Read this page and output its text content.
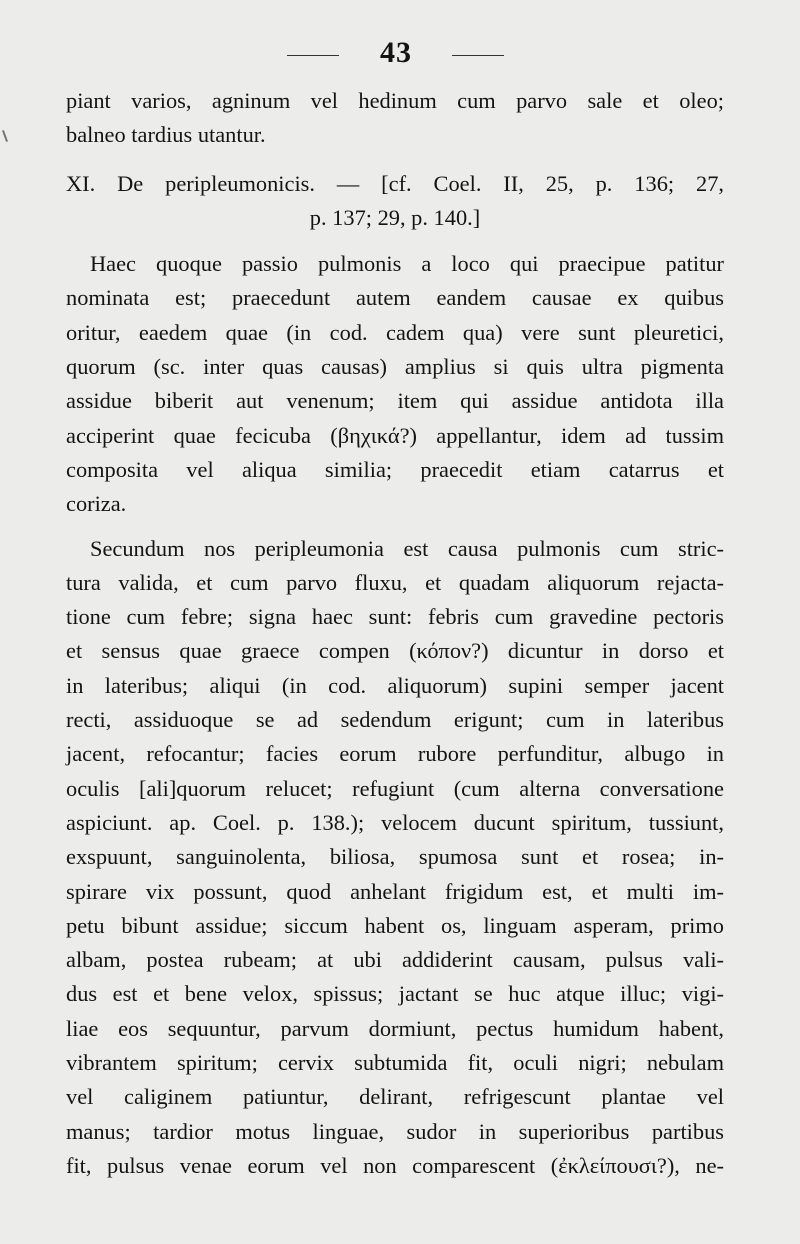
43
piant varios, agninum vel hedinum cum parvo sale et oleo;
balneo tardius utantur.
XI. De peripleumonicis. — [cf. Coel. II, 25, p. 136; 27,
p. 137; 29, p. 140.]
Haec quoque passio pulmonis a loco qui praecipue patitur
nominata est; praecedunt autem eandem causae ex quibus
oritur, eaedem quae (in cod. cadem qua) vere sunt pleuretici,
quorum (sc. inter quas causas) amplius si quis ultra pigmenta
assidue biberit aut venenum; item qui assidue antidota illa
acciperint quae fecicuba (βηχικά?) appellantur, idem ad tussim
composita vel aliqua similia; praecedit etiam catarrus et
coriza.
Secundum nos peripleumonia est causa pulmonis cum stric-
tura valida, et cum parvo fluxu, et quadam aliquorum rejacta-
tione cum febre; signa haec sunt: febris cum gravedine pectoris
et sensus quae graece compen (κόπον?) dicuntur in dorso et
in lateribus; aliqui (in cod. aliquorum) supini semper jacent
recti, assiduoque se ad sedendum erigunt; cum in lateribus
jacent, refocantur; facies eorum rubore perfunditur, albugo in
oculis [ali]quorum relucet; refugiunt (cum alterna conversatione
aspiciunt. ap. Coel. p. 138.); velocem ducunt spiritum, tussiunt,
exspuunt, sanguinolenta, biliosa, spumosa sunt et rosea; in-
spirare vix possunt, quod anhelant frigidum est, et multi im-
petu bibunt assidue; siccum habent os, linguam asperam, primo
albam, postea rubeam; at ubi addiderint causam, pulsus vali-
dus est et bene velox, spissus; jactant se huc atque illuc; vigi-
liae eos sequuntur, parvum dormiunt, pectus humidum habent,
vibrantem spiritum; cervix subtumida fit, oculi nigri; nebulam
vel caliginem patiuntur, delirant, refrigescunt plantae vel
manus; tardior motus linguae, sudor in superioribus partibus
fit, pulsus venae eorum vel non comparescent (ἐκλείπουσι?), ne-
